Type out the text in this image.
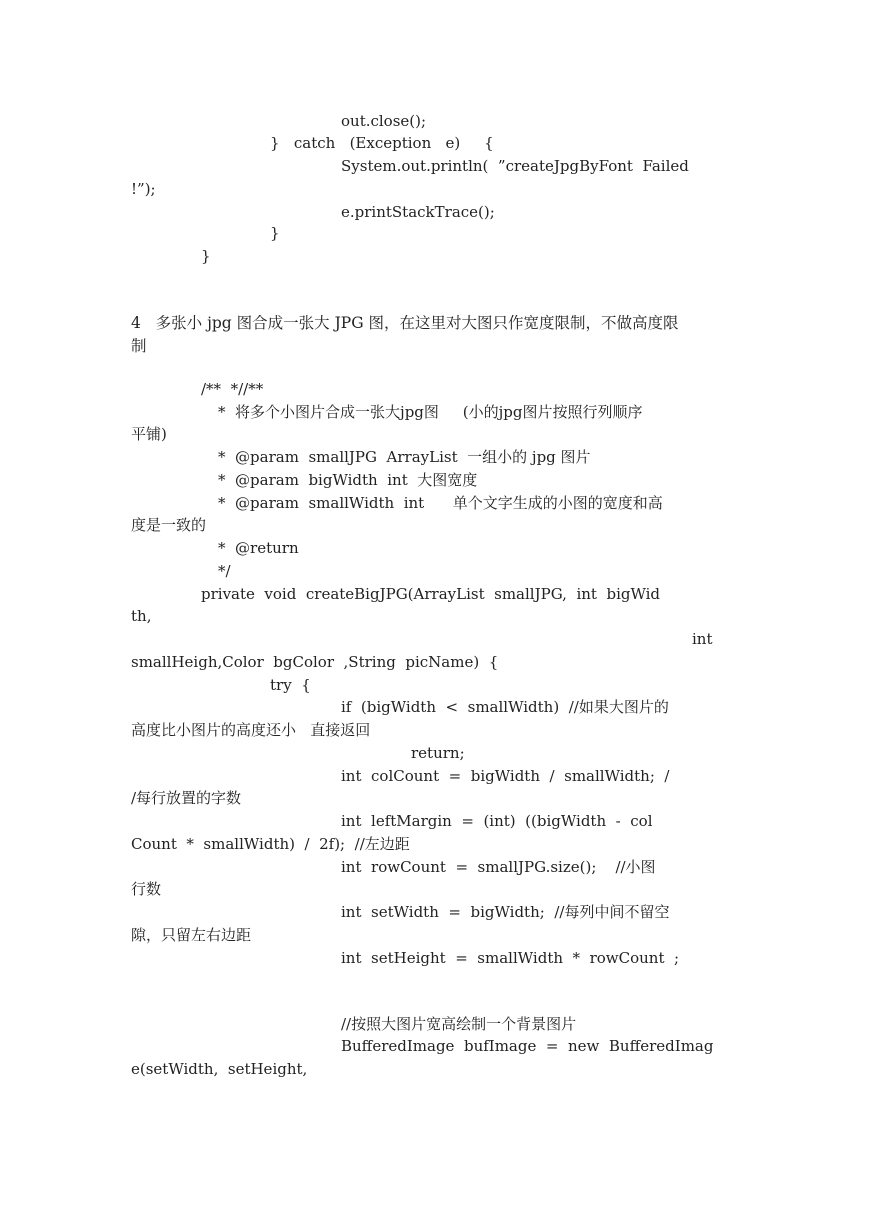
out.close();
}   catch   (Exception   e)     {
System.out.println(  ”createJpgByFont  Failed
!”);
e.printStackTrace();
}
}
4   多张小 jpg 图合成一张大 JPG 图，在这里对大图只作宽度限制，不做高度限
制
/**  *//**
*  将多个小图片合成一张大jpg图     (小的jpg图片按照行列顺序
平铺)
*  @param  smallJPG  ArrayList  一组小的 jpg 图片
*  @param  bigWidth  int  大图宽度
*  @param  smallWidth  int      单个文字生成的小图的宽度和高
度是一致的
*  @return
*/
private  void  createBigJPG(ArrayList  smallJPG,  int  bigWid
th,
int
smallHeigh,Color  bgColor  ,String  picName)  {
try  {
if  (bigWidth  <  smallWidth)  //如果大图片的
高度比小图片的高度还小   直接返回
return;
int  colCount  =  bigWidth  /  smallWidth;  /
/每行放置的字数
int  leftMargin  =  (int)  ((bigWidth  -  col
Count  *  smallWidth)  /  2f);  //左边距
int  rowCount  =  smallJPG.size();    //小图
行数
int  setWidth  =  bigWidth;  //每列中间不留空
隙，只留左右边距
int  setHeight  =  smallWidth  *  rowCount  ;
//按照大图片宽高绘制一个背景图片
BufferedImage  bufImage  =  new  BufferedImag
e(setWidth,  setHeight,
